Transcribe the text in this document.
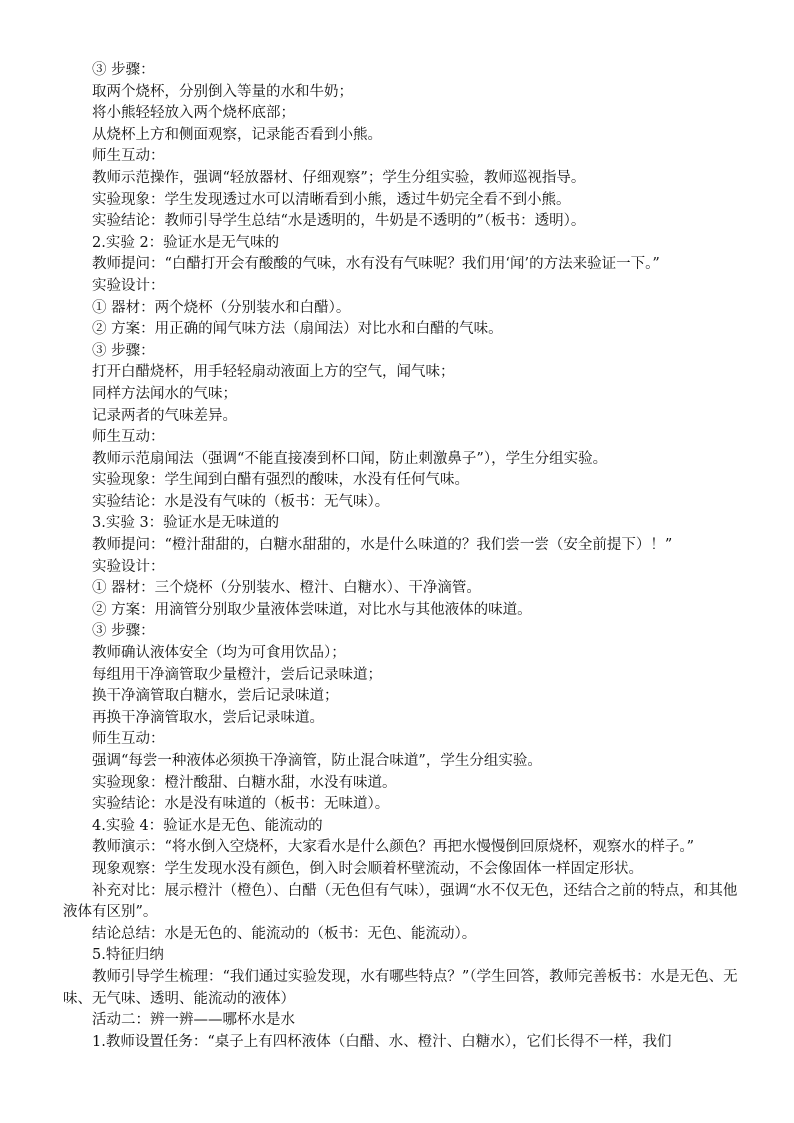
③ 步骤：

取两个烧杯，分别倒入等量的水和牛奶；

将小熊轻轻放入两个烧杯底部；

从烧杯上方和侧面观察，记录能否看到小熊。

师生互动：

教师示范操作，强调“轻放器材、仔细观察”；学生分组实验，教师巡视指导。

实验现象：学生发现透过水可以清晰看到小熊，透过牛奶完全看不到小熊。

实验结论：教师引导学生总结“水是透明的，牛奶是不透明的”（板书：透明）。

2.实验 2：验证水是无气味的

教师提问：“白醋打开会有酸酸的气味，水有没有气味呢？我们用‘闻’的方法来验证一下。”

实验设计：

① 器材：两个烧杯（分别装水和白醋）。

② 方案：用正确的闻气味方法（扇闻法）对比水和白醋的气味。

③ 步骤：

打开白醋烧杯，用手轻轻扇动液面上方的空气，闻气味；

同样方法闻水的气味；

记录两者的气味差异。

师生互动：

教师示范扇闻法（强调“不能直接凑到杯口闻，防止刺激鼻子”），学生分组实验。

实验现象：学生闻到白醋有强烈的酸味，水没有任何气味。

实验结论：水是没有气味的（板书：无气味）。

3.实验 3：验证水是无味道的

教师提问：“橙汁甜甜的，白糖水甜甜的，水是什么味道的？我们尝一尝（安全前提下）！”

实验设计：

① 器材：三个烧杯（分别装水、橙汁、白糖水）、干净滴管。

② 方案：用滴管分别取少量液体尝味道，对比水与其他液体的味道。

③ 步骤：

教师确认液体安全（均为可食用饮品）；

每组用干净滴管取少量橙汁，尝后记录味道；

换干净滴管取白糖水，尝后记录味道；

再换干净滴管取水，尝后记录味道。

师生互动：

强调“每尝一种液体必须换干净滴管，防止混合味道”，学生分组实验。

实验现象：橙汁酸甜、白糖水甜，水没有味道。

实验结论：水是没有味道的（板书：无味道）。

4.实验 4：验证水是无色、能流动的

教师演示：“将水倒入空烧杯，大家看水是什么颜色？再把水慢慢倒回原烧杯，观察水的样子。”

现象观察：学生发现水没有颜色，倒入时会顺着杯壁流动，不会像固体一样固定形状。

补充对比：展示橙汁（橙色）、白醋（无色但有气味），强调“水不仅无色，还结合之前的特点，和其他液体有区别”。

结论总结：水是无色的、能流动的（板书：无色、能流动）。

5.特征归纳

教师引导学生梳理：“我们通过实验发现，水有哪些特点？”（学生回答，教师完善板书：水是无色、无味、无气味、透明、能流动的液体）

活动二：辨一辨——哪杯水是水

1.教师设置任务：“桌子上有四杯液体（白醋、水、橙汁、白糖水），它们长得不一样，我们
